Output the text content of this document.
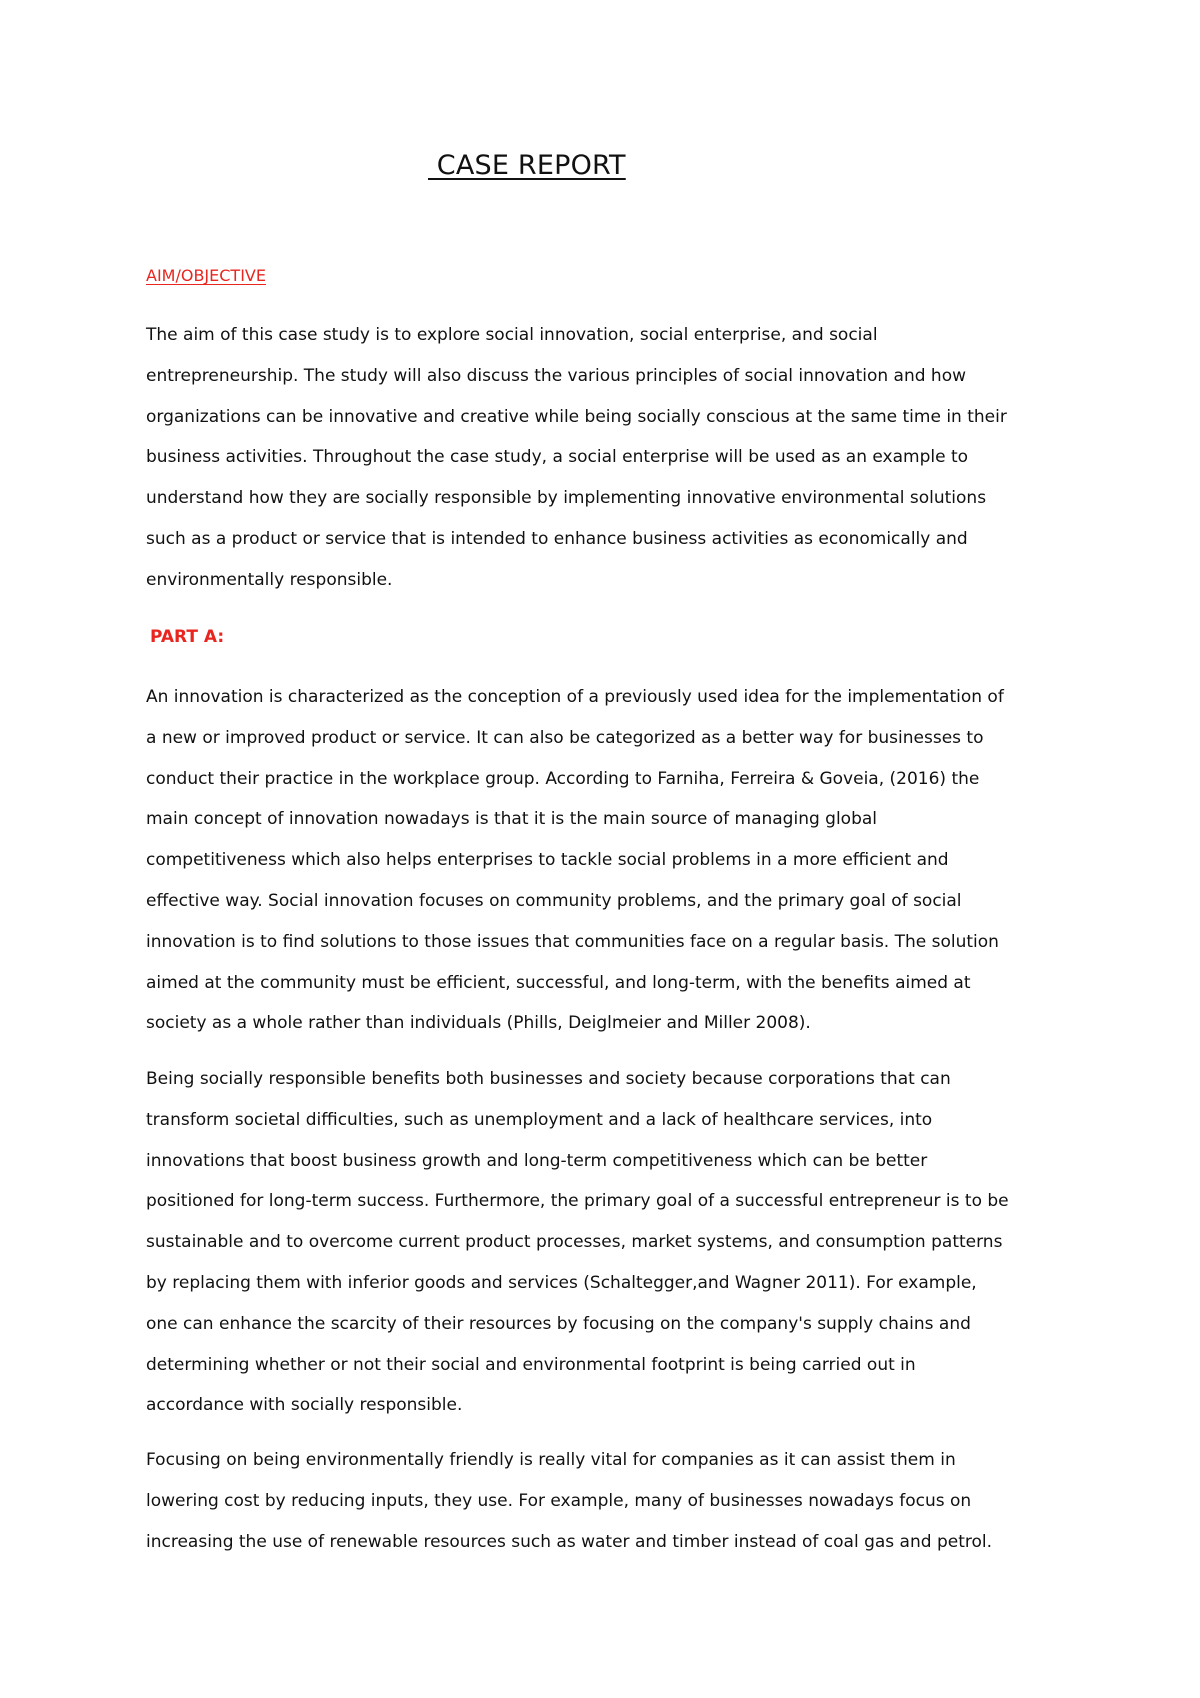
CASE REPORT
AIM/OBJECTIVE
The aim of this case study is to explore social innovation, social enterprise, and social
entrepreneurship. The study will also discuss the various principles of social innovation and how
organizations can be innovative and creative while being socially conscious at the same time in their
business activities. Throughout the case study, a social enterprise will be used as an example to
understand how they are socially responsible by implementing innovative environmental solutions
such as a product or service that is intended to enhance business activities as economically and
environmentally responsible.
PART A:
An innovation is characterized as the conception of a previously used idea for the implementation of
a new or improved product or service. It can also be categorized as a better way for businesses to
conduct their practice in the workplace group. According to Farniha, Ferreira & Goveia, (2016) the
main concept of innovation nowadays is that it is the main source of managing global
competitiveness which also helps enterprises to tackle social problems in a more efficient and
effective way. Social innovation focuses on community problems, and the primary goal of social
innovation is to find solutions to those issues that communities face on a regular basis. The solution
aimed at the community must be efficient, successful, and long-term, with the benefits aimed at
society as a whole rather than individuals (Phills, Deiglmeier and Miller 2008).
Being socially responsible benefits both businesses and society because corporations that can
transform societal difficulties, such as unemployment and a lack of healthcare services, into
innovations that boost business growth and long-term competitiveness which can be better
positioned for long-term success. Furthermore, the primary goal of a successful entrepreneur is to be
sustainable and to overcome current product processes, market systems, and consumption patterns
by replacing them with inferior goods and services (Schaltegger,and Wagner 2011). For example,
one can enhance the scarcity of their resources by focusing on the company's supply chains and
determining whether or not their social and environmental footprint is being carried out in
accordance with socially responsible.
Focusing on being environmentally friendly is really vital for companies as it can assist them in
lowering cost by reducing inputs, they use. For example, many of businesses nowadays focus on
increasing the use of renewable resources such as water and timber instead of coal gas and petrol.
